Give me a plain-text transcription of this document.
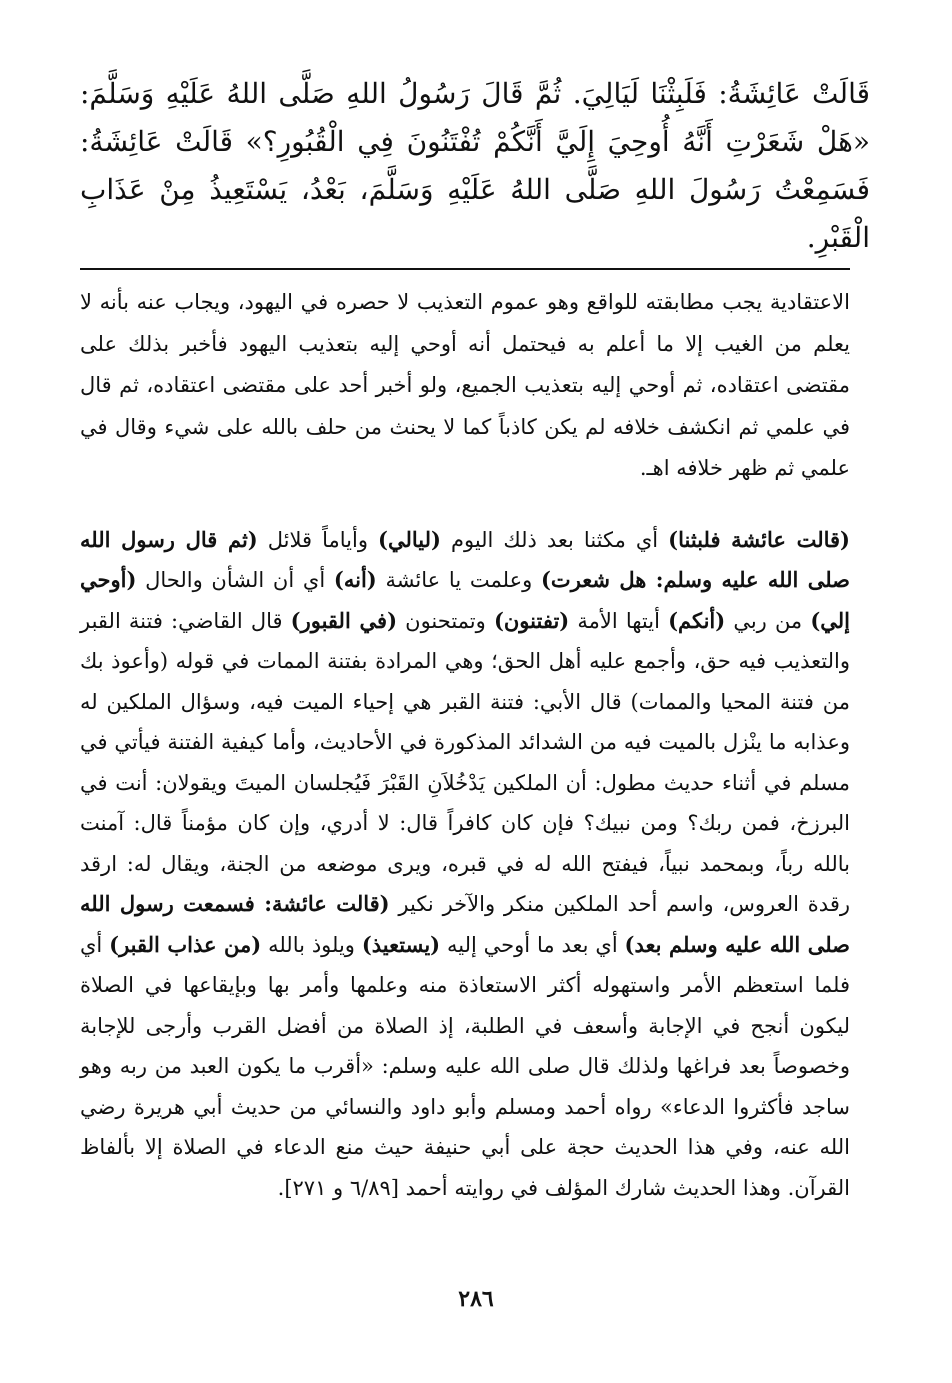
قَالَتْ عَائِشَةُ: فَلَبِثْنَا لَيَالِيَ. ثُمَّ قَالَ رَسُولُ اللهِ صَلَّى اللهُ عَلَيْهِ وَسَلَّمَ: «هَلْ شَعَرْتِ أَنَّهُ أُوحِيَ إِلَيَّ أَنَّكُمْ تُفْتَنُونَ فِي الْقُبُورِ؟» قَالَتْ عَائِشَةُ: فَسَمِعْتُ رَسُولَ اللهِ صَلَّى اللهُ عَلَيْهِ وَسَلَّمَ، بَعْدُ، يَسْتَعِيذُ مِنْ عَذَابِ الْقَبْرِ.

الاعتقادية يجب مطابقته للواقع وهو عموم التعذيب لا حصره في اليهود، ويجاب عنه بأنه لا يعلم من الغيب إلا ما أعلم به فيحتمل أنه أوحي إليه بتعذيب اليهود فأخبر بذلك على مقتضى اعتقاده، ثم أوحي إليه بتعذيب الجميع، ولو أخبر أحد على مقتضى اعتقاده، ثم قال في علمي ثم انكشف خلافه لم يكن كاذباً كما لا يحنث من حلف بالله على شيء وقال في علمي ثم ظهر خلافه اهـ.

(قالت عائشة فلبثنا) أي مكثنا بعد ذلك اليوم (ليالي) وأياماً قلائل (ثم قال رسول الله صلى الله عليه وسلم: هل شعرت) وعلمت يا عائشة (أنه) أي أن الشأن والحال (أوحي إلي) من ربي (أنكم) أيتها الأمة (تفتنون) وتمتحنون (في القبور) قال القاضي: فتنة القبر والتعذيب فيه حق، وأجمع عليه أهل الحق؛ وهي المرادة بفتنة الممات في قوله (وأعوذ بك من فتنة المحيا والممات) قال الأبي: فتنة القبر هي إحياء الميت فيه، وسؤال الملكين له وعذابه ما ينْزل بالميت فيه من الشدائد المذكورة في الأحاديث، وأما كيفية الفتنة فيأتي في مسلم في أثناء حديث مطول: أن الملكين يَدْخُلاَنِ القَبْرَ فَيُجلسان الميتَ ويقولان: أنت في البرزخ، فمن ربك؟ ومن نبيك؟ فإن كان كافراً قال: لا أدري، وإن كان مؤمناً قال: آمنت بالله رباً، وبمحمد نبياً، فيفتح الله له في قبره، ويرى موضعه من الجنة، ويقال له: ارقد رقدة العروس، واسم أحد الملكين منكر والآخر نكير (قالت عائشة: فسمعت رسول الله صلى الله عليه وسلم بعد) أي بعد ما أوحي إليه (يستعيذ) ويلوذ بالله (من عذاب القبر) أي فلما استعظم الأمر واستهوله أكثر الاستعاذة منه وعلمها وأمر بها وبإيقاعها في الصلاة ليكون أنجح في الإجابة وأسعف في الطلبة، إذ الصلاة من أفضل القرب وأرجى للإجابة وخصوصاً بعد فراغها ولذلك قال صلى الله عليه وسلم: «أقرب ما يكون العبد من ربه وهو ساجد فأكثروا الدعاء» رواه أحمد ومسلم وأبو داود والنسائي من حديث أبي هريرة رضي الله عنه، وفي هذا الحديث حجة على أبي حنيفة حيث منع الدعاء في الصلاة إلا بألفاظ القرآن. وهذا الحديث شارك المؤلف في روايته أحمد [٦/٨٩ و ٢٧١].

٢٨٦
